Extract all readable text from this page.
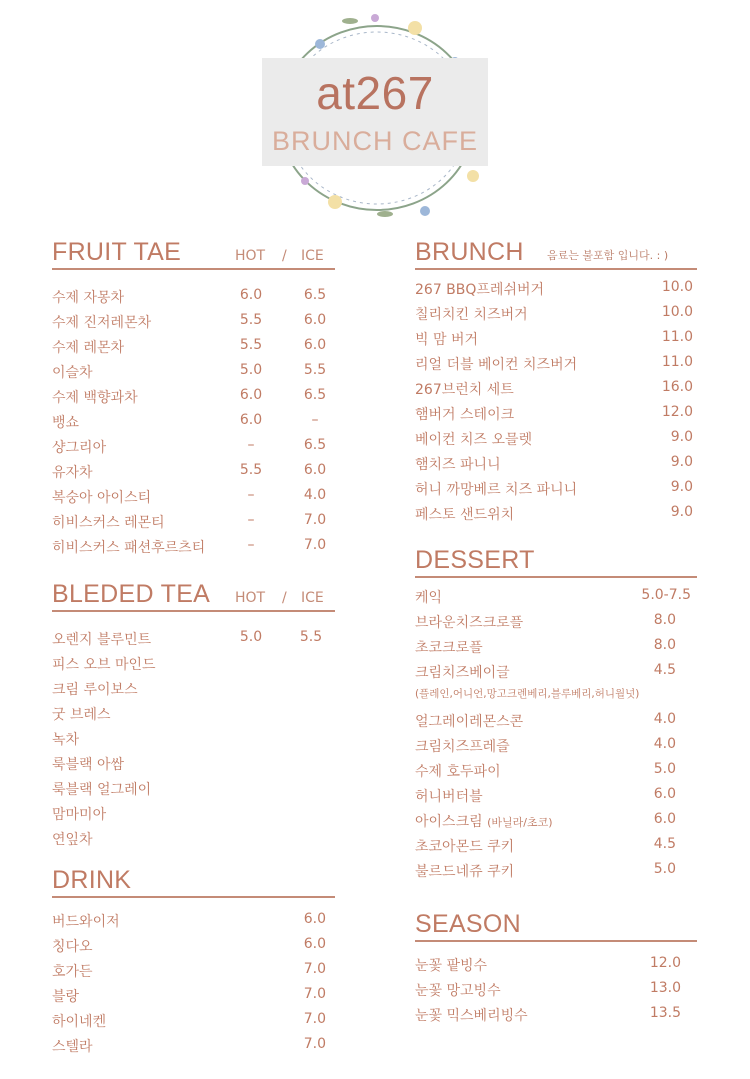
at267
BRUNCH CAFE
FRUIT TAE	HOT / ICE
수제 자몽차	6.0	6.5
수제 진저레몬차	5.5	6.0
수제 레몬차	5.5	6.0
이슬차	5.0	5.5
수제 백향과차	6.0	6.5
뱅쇼	6.0	–
샹그리아	–	6.5
유자차	5.5	6.0
복숭아 아이스티	–	4.0
히비스커스 레몬티	–	7.0
히비스커스 패션후르츠티	–	7.0
BLEDED TEA HOT / ICE
오렌지 블루민트	5.0	5.5
피스 오브 마인드
크림 루이보스
굿 브레스
녹차
룩블랙 아쌈
룩블랙 얼그레이
맘마미아
연잎차
DRINK
버드와이저	6.0
칭다오	6.0
호가든	7.0
블랑	7.0
하이네켄	7.0
스텔라	7.0
BRUNCH 음료는 불포함 입니다. : )
267 BBQ프레쉬버거	10.0
칠리치킨 치즈버거	10.0
빅 맘 버거	11.0
리얼 더블 베이컨 치즈버거	11.0
267브런치 세트	16.0
햄버거 스테이크	12.0
베이컨 치즈 오믈렛	9.0
햄치즈 파니니	9.0
허니 까망베르 치즈 파니니	9.0
페스토 샌드위치	9.0
DESSERT
케익	5.0-7.5
브라운치즈크로플	8.0
초코크로플	8.0
크림치즈베이글	4.5
(플레인,어니언,망고크렌베리,블루베리,허니월넛)
얼그레이레몬스콘	4.0
크림치즈프레즐	4.0
수제 호두파이	5.0
허니버터블	6.0
아이스크림 (바닐라/초코)	6.0
초코아몬드 쿠키	4.5
불르드네쥬 쿠키	5.0
SEASON
눈꽃 팥빙수	12.0
눈꽃 망고빙수	13.0
눈꽃 믹스베리빙수	13.5
